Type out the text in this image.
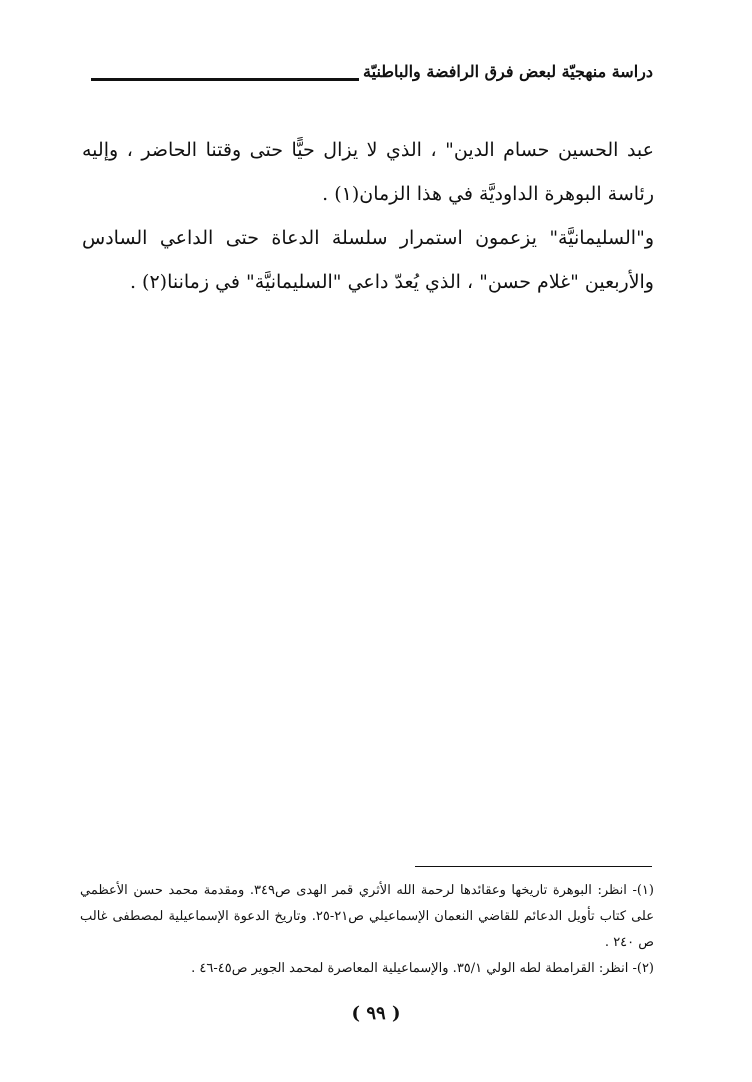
دراسة منهجيّة لبعض فرق الرافضة والباطنيّة

عبد الحسين حسام الدين" ، الذي لا يزال حيًّا حتى وقتنا الحاضر ، وإليه رئاسة البوهرة الداوديَّة في هذا الزمان(١) .

و"السليمانيَّة" يزعمون استمرار سلسلة الدعاة حتى الداعي السادس والأربعين "غلام حسن" ، الذي يُعدّ داعي "السليمانيَّة" في زماننا(٢) .

(١)- انظر: البوهرة تاريخها وعقائدها لرحمة الله الأثري قمر الهدى ص٣٤٩. ومقدمة محمد حسن الأعظمي على كتاب تأويل الدعائم للقاضي النعمان الإسماعيلي ص٢١-٢٥. وتاريخ الدعوة الإسماعيلية لمصطفى غالب ص ٢٤٠ .

(٢)- انظر: القرامطة لطه الولي ٣٥/١. والإسماعيلية المعاصرة لمحمد الجوير ص٤٥-٤٦ .

( ٩٩ )
